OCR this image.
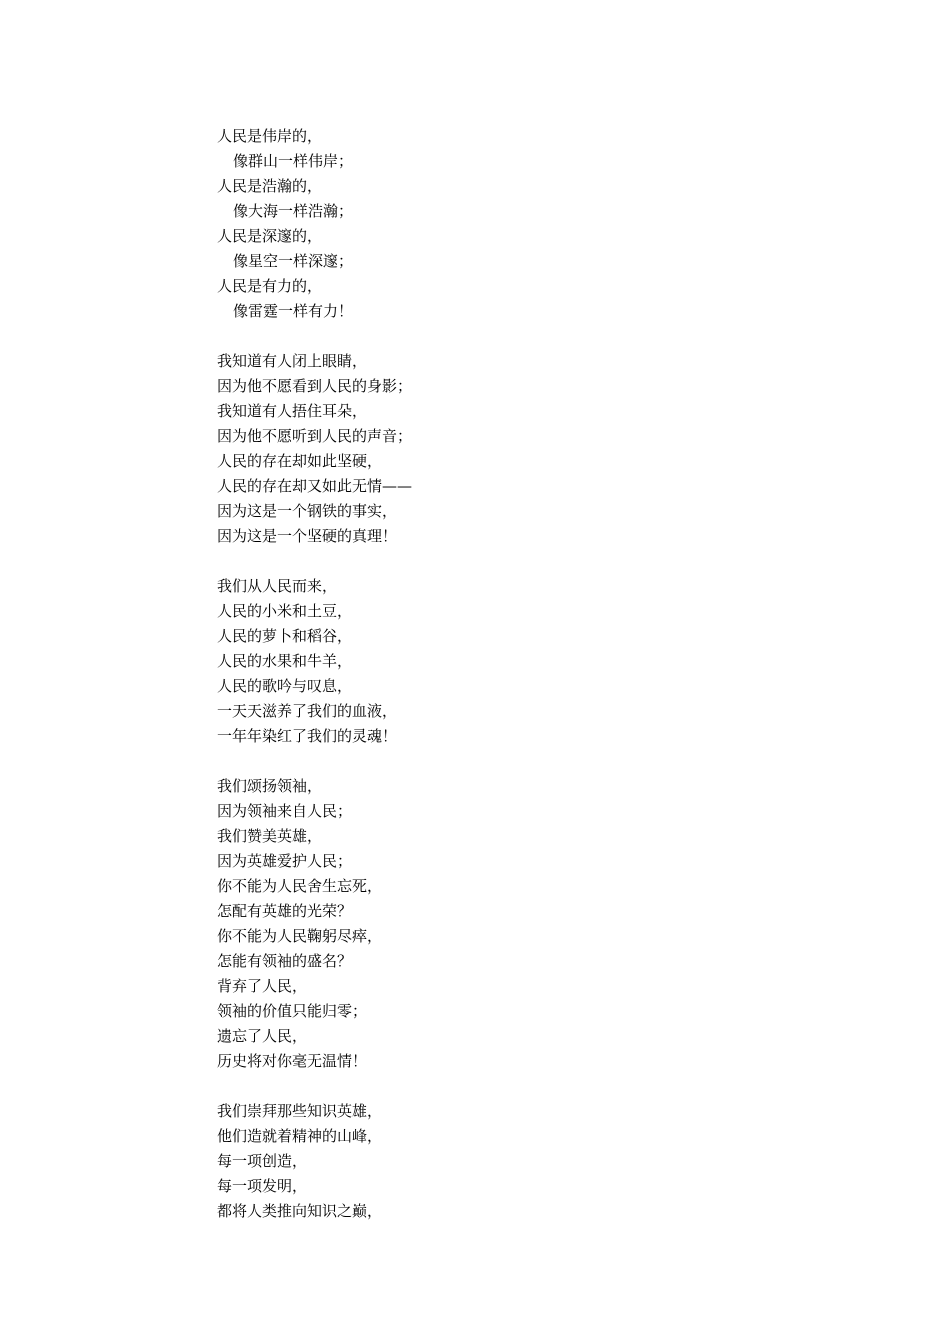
人民是伟岸的，
像群山一样伟岸；
人民是浩瀚的，
像大海一样浩瀚；
人民是深邃的，
像星空一样深邃；
人民是有力的，
像雷霆一样有力！
我知道有人闭上眼睛，
因为他不愿看到人民的身影；
我知道有人捂住耳朵，
因为他不愿听到人民的声音；
人民的存在却如此坚硬，
人民的存在却又如此无情——
因为这是一个钢铁的事实，
因为这是一个坚硬的真理！
我们从人民而来，
人民的小米和土豆，
人民的萝卜和稻谷，
人民的水果和牛羊，
人民的歌吟与叹息，
一天天滋养了我们的血液，
一年年染红了我们的灵魂！
我们颂扬领袖，
因为领袖来自人民；
我们赞美英雄，
因为英雄爱护人民；
你不能为人民舍生忘死，
怎配有英雄的光荣？
你不能为人民鞠躬尽瘁，
怎能有领袖的盛名？
背弃了人民，
领袖的价值只能归零；
遗忘了人民，
历史将对你毫无温情！
我们崇拜那些知识英雄，
他们造就着精神的山峰，
每一项创造，
每一项发明，
都将人类推向知识之巅，
